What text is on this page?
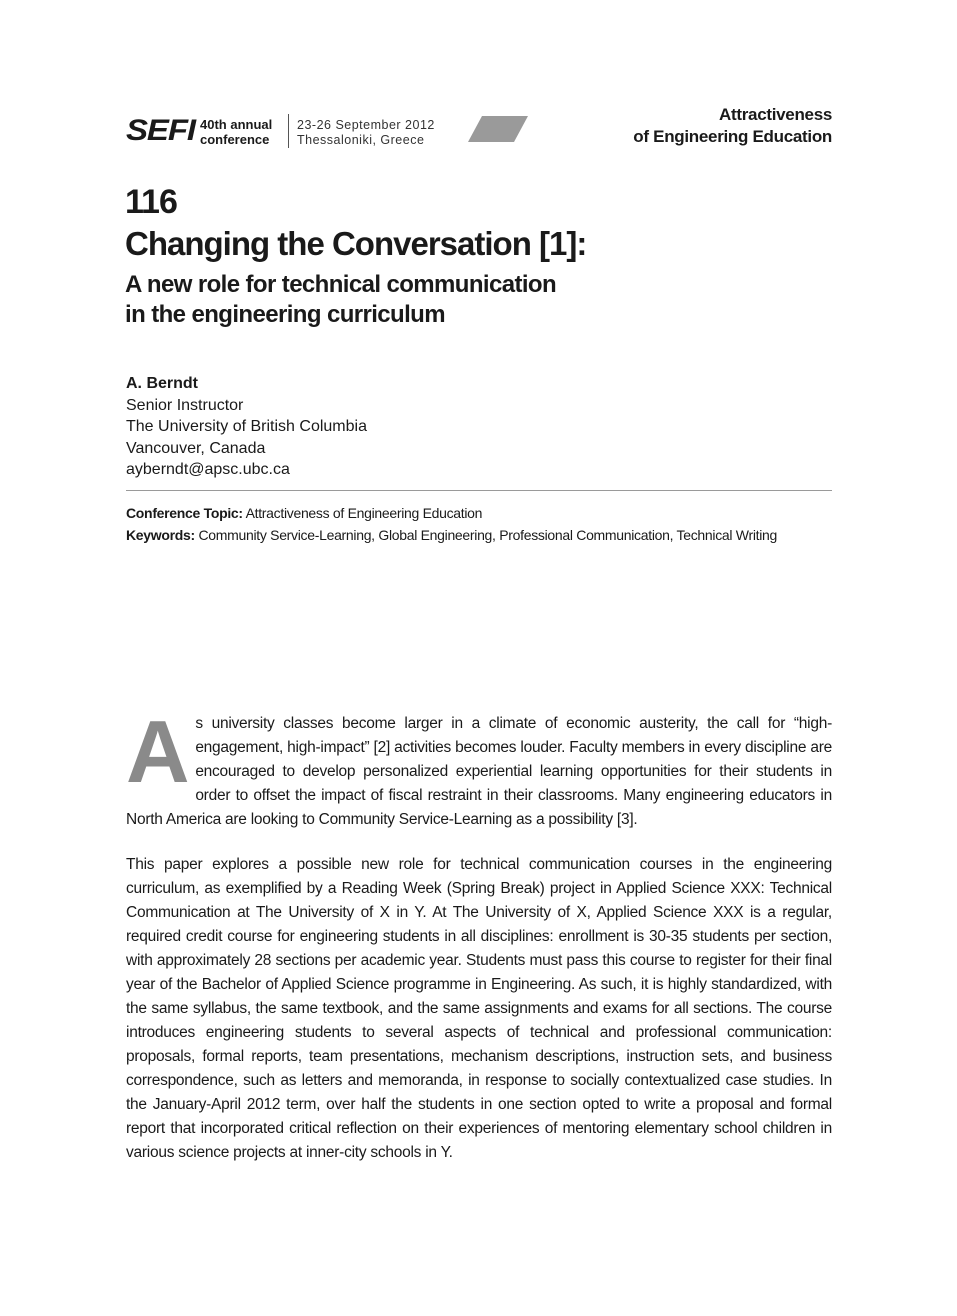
SEFI 40th annual
conference
23-26 September 2012
Thessaloniki, Greece
Attractiveness
of Engineering Education
116
Changing the Conversation [1]:
A new role for technical communication
in the engineering curriculum
A. Berndt
Senior Instructor
The University of British Columbia
Vancouver, Canada
ayberndt@apsc.ubc.ca
Conference Topic: Attractiveness of Engineering Education
Keywords: Community Service-Learning, Global Engineering, Professional Communication, Technical Writing

As university classes become larger in a climate of economic austerity, the call for “high-engagement, high-impact” [2] activities becomes louder. Faculty members in every discipline are encouraged to develop personalized experiential learning opportunities for their students in order to offset the impact of fiscal restraint in their classrooms. Many engineering educators in North America are looking to Community Service-Learning as a possibility [3].

This paper explores a possible new role for technical communication courses in the engineering curriculum, as exemplified by a Reading Week (Spring Break) project in Applied Science XXX: Technical Communication at The University of X in Y. At The University of X, Applied Science XXX is a regular, required credit course for engineering students in all disciplines: enrollment is 30-35 students per section, with approximately 28 sections per academic year. Students must pass this course to register for their final year of the Bachelor of Applied Science programme in Engineering. As such, it is highly standardized, with the same syllabus, the same textbook, and the same assignments and exams for all sections. The course introduces engineering students to several aspects of technical and professional communication: proposals, formal reports, team presentations, mechanism descriptions, instruction sets, and business correspondence, such as letters and memoranda, in response to socially contextualized case studies. In the January-April 2012 term, over half the students in one section opted to write a proposal and formal report that incorporated critical reflection on their experiences of mentoring elementary school children in various science projects at inner-city schools in Y.
